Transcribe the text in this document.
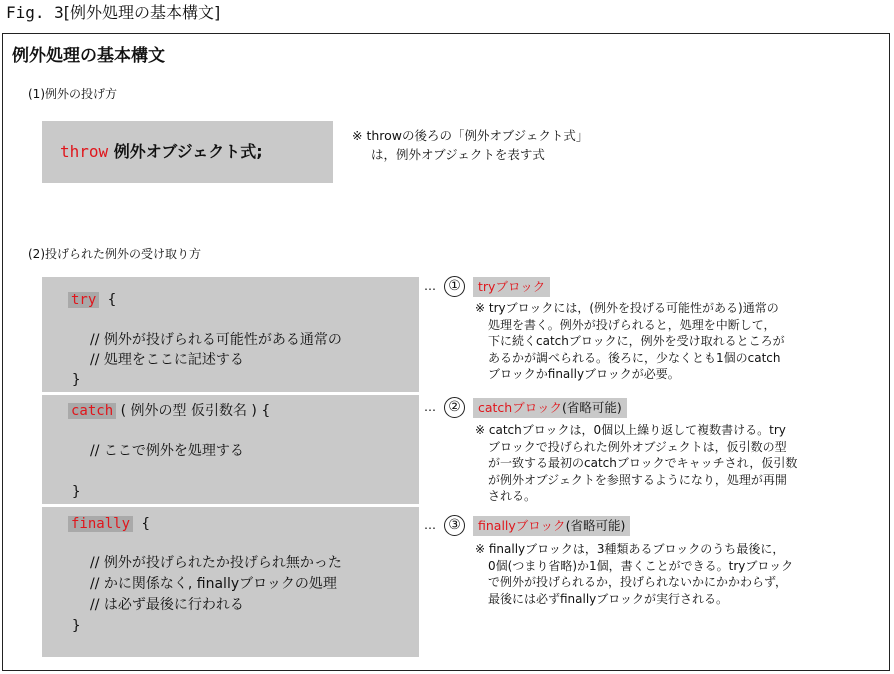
Fig. 3[例外処理の基本構文]
例外処理の基本構文
(1)例外の投げ方
throw 例外オブジェクト式;
※ throwの後ろの「例外オブジェクト式」
は，例外オブジェクトを表す式
(2)投げられた例外の受け取り方
try {
// 例外が投げられる可能性がある通常の
// 処理をここに記述する
}
catch ( 例外の型 仮引数名 ) {
// ここで例外を処理する
}
finally {
// 例外が投げられたか投げられ無かった
// かに関係なく, finallyブロックの処理
// は必ず最後に行われる
}
… ①	tryブロック
※ tryブロックには，(例外を投げる可能性がある)通常の
処理を書く。例外が投げられると，処理を中断して，
下に続くcatchブロックに，例外を受け取れるところが
あるかが調べられる。後ろに，少なくとも1個のcatch
ブロックかfinallyブロックが必要。
… ②	catchブロック(省略可能)
※ catchブロックは，0個以上繰り返して複数書ける。try
ブロックで投げられた例外オブジェクトは，仮引数の型
が一致する最初のcatchブロックでキャッチされ，仮引数
が例外オブジェクトを参照するようになり，処理が再開
される。
… ③	finallyブロック(省略可能)
※ finallyブロックは，3種類あるブロックのうち最後に，
0個(つまり省略)か1個，書くことができる。tryブロック
で例外が投げられるか，投げられないかにかかわらず，
最後には必ずfinallyブロックが実行される。
